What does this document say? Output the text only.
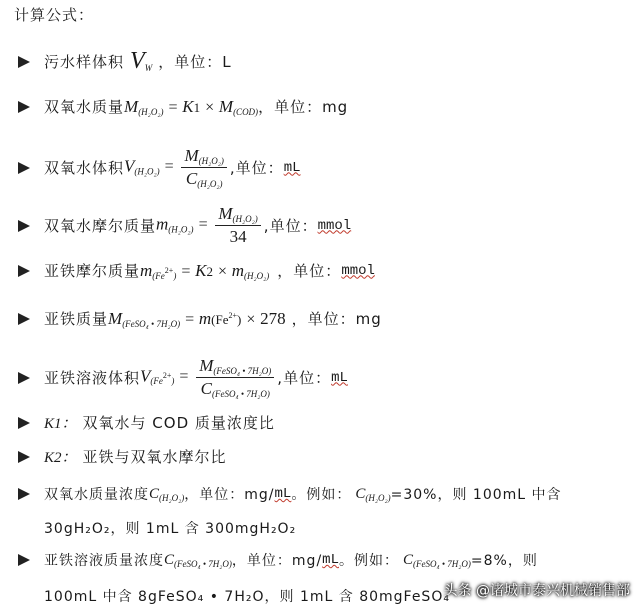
计算公式：
污水样体积 $V_W$ ，单位：L
双氧水质量 $M_{(H_2O_2)} = K1 \times M_{(COD)}$ ，单位：mg
双氧水体积 $V_{(H_2O_2)} = \frac{M_{(H_2O_2)}}{C_{(H_2O_2)}}$ ,单位： mL
双氧水摩尔质量 $m_{(H_2O_2)} = \frac{M_{(H_2O_2)}}{34}$ ,单位： mmol
亚铁摩尔质量 $m_{(Fe2+)} = K2 \times m_{(H_2O_2)}$ ，单位： mmol
亚铁质量 $M_{(FeSO_4 • 7H_2O)} = m(Fe^{2+}) \times 278$ ，单位：mg
亚铁溶液体积 $V_{(Fe2+)} = \frac{M_{(FeSO_4 • 7H_2O)}}{C_{(FeSO_4 • 7H_2O)}}$ ,单位： mL
K1： 双氧水与 COD 质量浓度比
K2： 亚铁与双氧水摩尔比
双氧水质量浓度 $C_{(H_2O_2)}$ ，单位：mg/ mL 。例如： $C_{(H_2O_2)} =30\%$，则 100mL 中含
30gH₂O₂，则 1mL 含 300mgH₂O₂
亚铁溶液质量浓度 $C_{(FeSO_4 • 7H_2O)}$ ，单位：mg/ mL 。例如： $C_{(FeSO_4 • 7H_2O)} =8\%$，则
100mL 中含 8gFeSO₄ • 7H₂O，则 1mL 含 80mgFeSO₄
头条 @诸城市泰兴机械销售部
